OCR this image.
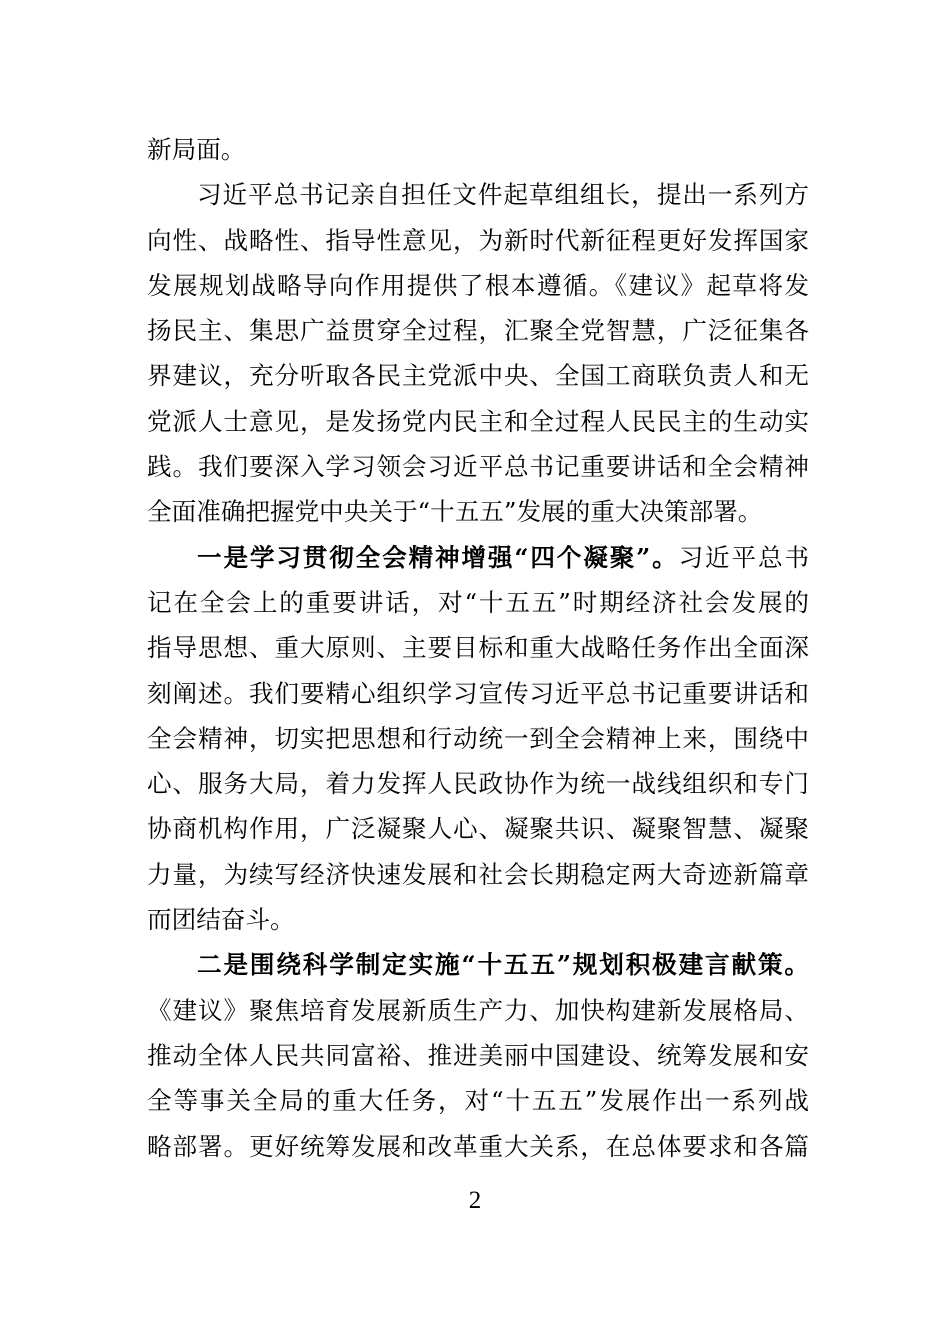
新局面。
习近平总书记亲自担任文件起草组组长，提出一系列方
向性、战略性、指导性意见，为新时代新征程更好发挥国家
发展规划战略导向作用提供了根本遵循。《建议》起草将发
扬民主、集思广益贯穿全过程，汇聚全党智慧，广泛征集各
界建议，充分听取各民主党派中央、全国工商联负责人和无
党派人士意见，是发扬党内民主和全过程人民民主的生动实
践。我们要深入学习领会习近平总书记重要讲话和全会精神
全面准确把握党中央关于“十五五”发展的重大决策部署。
一是学习贯彻全会精神增强“四个凝聚”。习近平总书
记在全会上的重要讲话，对“十五五”时期经济社会发展的
指导思想、重大原则、主要目标和重大战略任务作出全面深
刻阐述。我们要精心组织学习宣传习近平总书记重要讲话和
全会精神，切实把思想和行动统一到全会精神上来，围绕中
心、服务大局，着力发挥人民政协作为统一战线组织和专门
协商机构作用，广泛凝聚人心、凝聚共识、凝聚智慧、凝聚
力量，为续写经济快速发展和社会长期稳定两大奇迹新篇章
而团结奋斗。
二是围绕科学制定实施“十五五”规划积极建言献策。
《建议》聚焦培育发展新质生产力、加快构建新发展格局、
推动全体人民共同富裕、推进美丽中国建设、统筹发展和安
全等事关全局的重大任务，对“十五五”发展作出一系列战
略部署。更好统筹发展和改革重大关系，在总体要求和各篇
2
